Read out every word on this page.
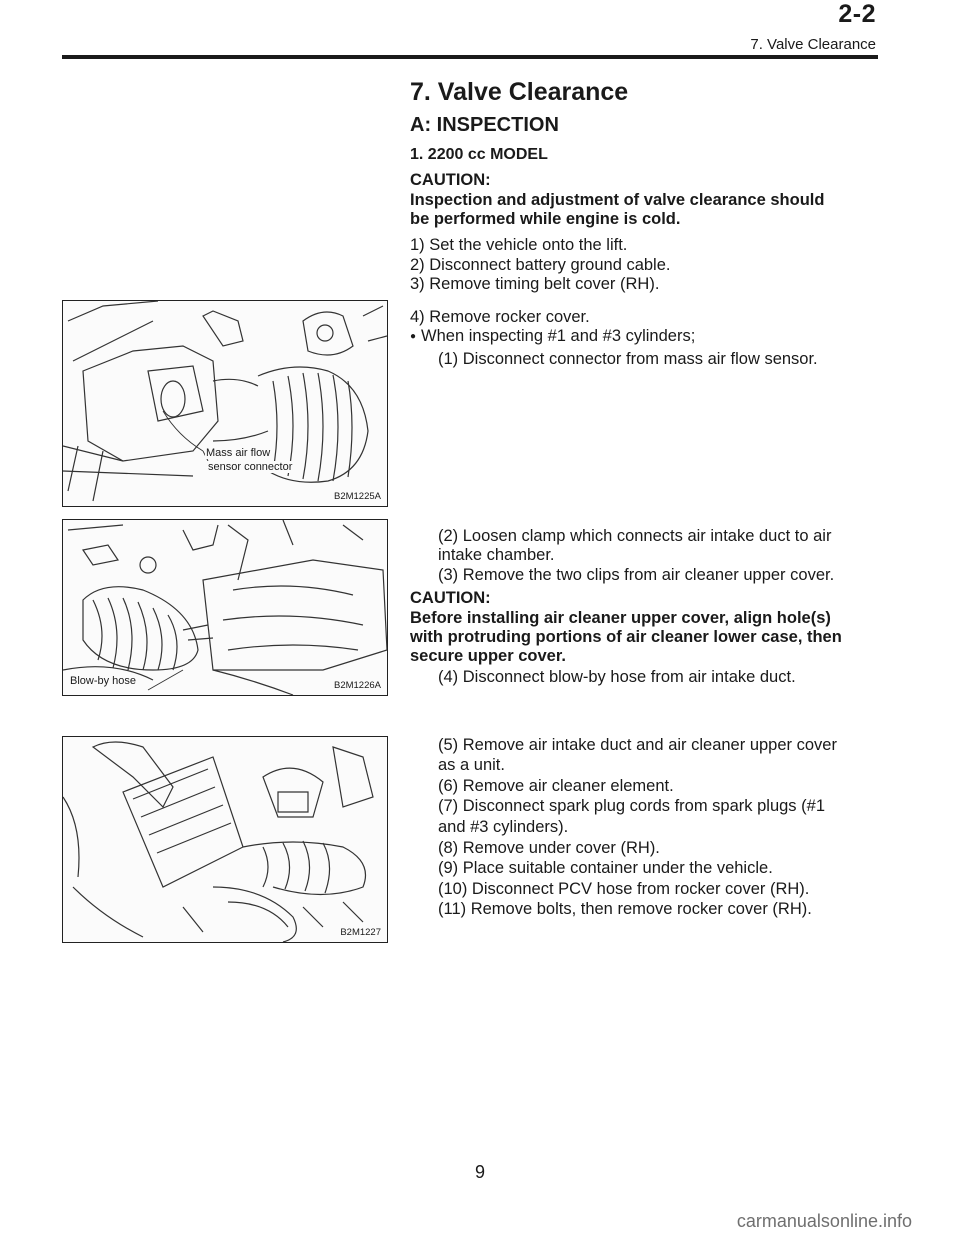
2-2
7. Valve Clearance
7. Valve Clearance
A: INSPECTION
1. 2200 cc MODEL
CAUTION:
Inspection and adjustment of valve clearance should
be performed while engine is cold.
1) Set the vehicle onto the lift.
2) Disconnect battery ground cable.
3) Remove timing belt cover (RH).
4) Remove rocker cover.
● When inspecting #1 and #3 cylinders;
(1) Disconnect connector from mass air flow sensor.
(2) Loosen clamp which connects air intake duct to air
intake chamber.
(3) Remove the two clips from air cleaner upper cover.
CAUTION:
Before installing air cleaner upper cover, align hole(s)
with protruding portions of air cleaner lower case, then
secure upper cover.
(4) Disconnect blow-by hose from air intake duct.
(5) Remove air intake duct and air cleaner upper cover
as a unit.
(6) Remove air cleaner element.
(7) Disconnect spark plug cords from spark plugs (#1
and #3 cylinders).
(8) Remove under cover (RH).
(9) Place suitable container under the vehicle.
(10) Disconnect PCV hose from rocker cover (RH).
(11) Remove bolts, then remove rocker cover (RH).
Mass air flow
sensor connector
B2M1225A
Blow-by hose	B2M1226A
B2M1227
9
carmanualsonline.info
